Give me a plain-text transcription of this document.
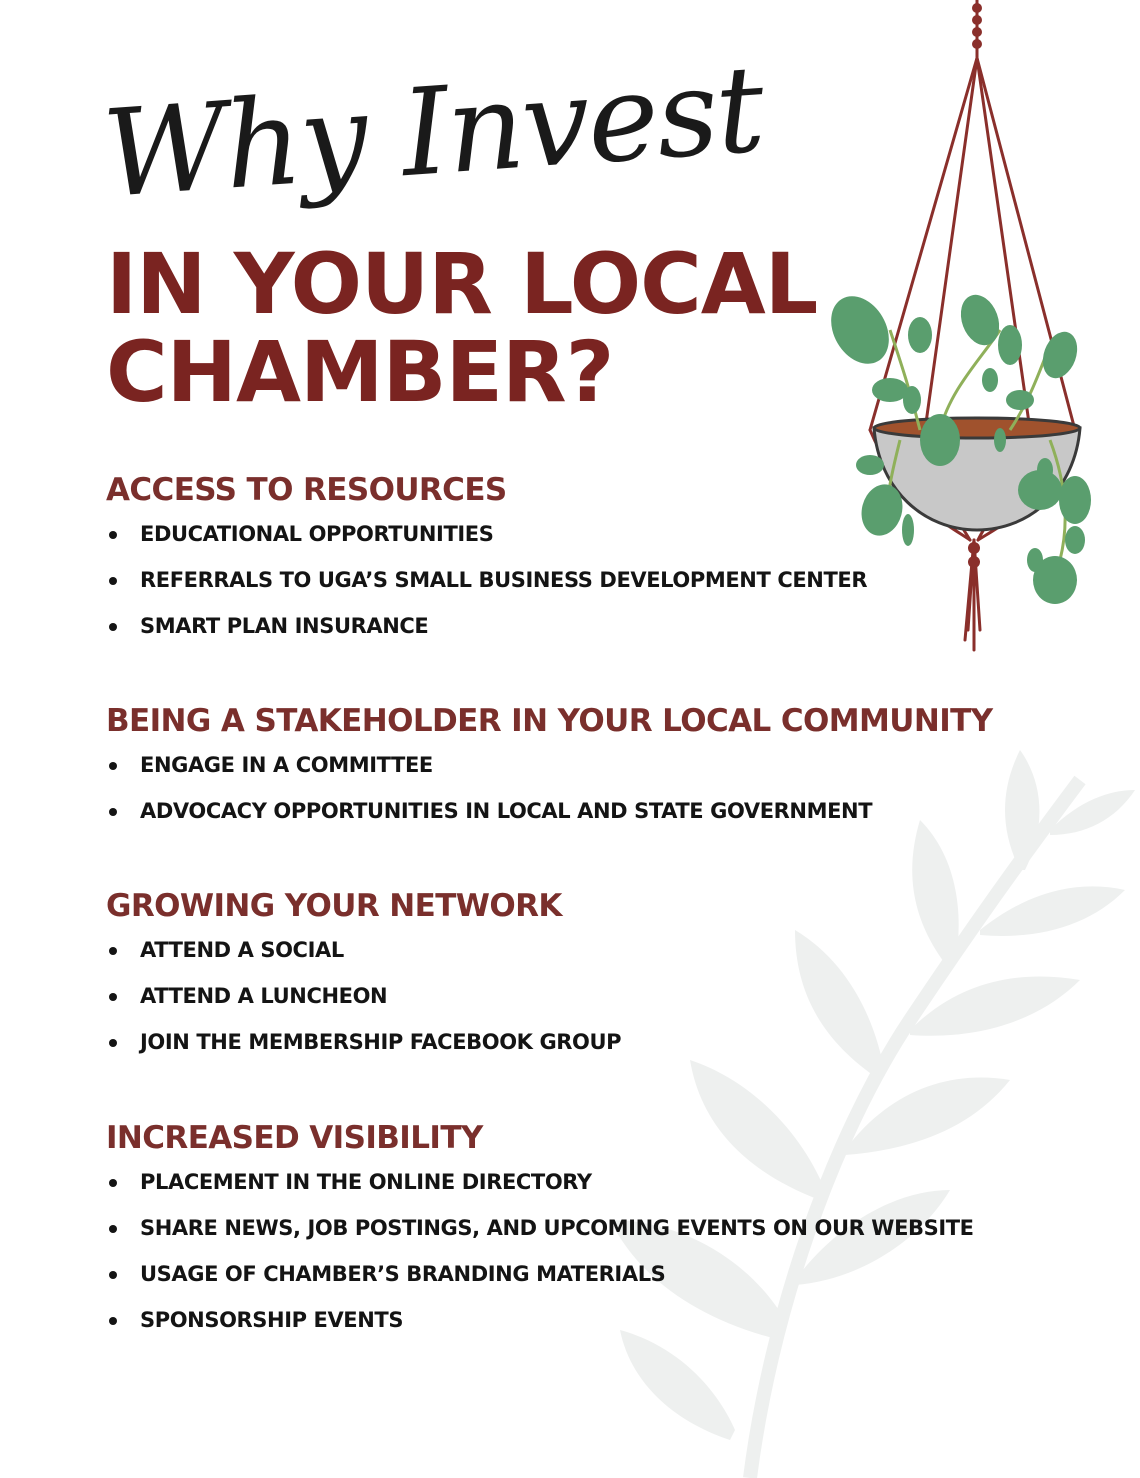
Why Invest
IN YOUR LOCAL
CHAMBER?
ACCESS TO RESOURCES
EDUCATIONAL OPPORTUNITIES
REFERRALS TO UGA’S SMALL BUSINESS DEVELOPMENT CENTER
SMART PLAN INSURANCE
BEING A STAKEHOLDER IN YOUR LOCAL COMMUNITY
ENGAGE IN A COMMITTEE
ADVOCACY OPPORTUNITIES IN LOCAL AND STATE GOVERNMENT
GROWING YOUR NETWORK
ATTEND A SOCIAL
ATTEND A LUNCHEON
JOIN THE MEMBERSHIP FACEBOOK GROUP
INCREASED VISIBILITY
PLACEMENT IN THE ONLINE DIRECTORY
SHARE NEWS, JOB POSTINGS, AND UPCOMING EVENTS ON OUR WEBSITE
USAGE OF CHAMBER’S BRANDING MATERIALS
SPONSORSHIP EVENTS
